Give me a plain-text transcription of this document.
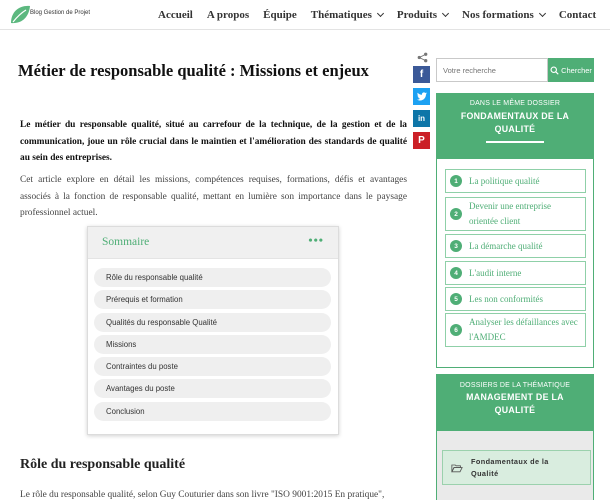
Blog Gestion de Projet	Accueil A propos Équipe Thématiques Produits Nos formations Contact
Métier de responsable qualité : Missions et enjeux

Le métier du responsable qualité, situé au carrefour de la technique, de la gestion et de la communication, joue un rôle crucial dans le maintien et l'amélioration des standards de qualité au sein des entreprises.

Cet article explore en détail les missions, compétences requises, formations, défis et avantages associés à la fonction de responsable qualité, mettant en lumière son importance dans le paysage professionnel actuel.

f
in
P
Sommaire	•••
Rôle du responsable qualité
Prérequis et formation
Qualités du responsable Qualité
Missions
Contraintes du poste
Avantages du poste
Conclusion
Rôle du responsable qualité

Le rôle du responsable qualité, selon Guy Couturier dans son livre "ISO 9001:2015 En pratique",

Votre recherche
Chercher
DANS LE MÊME DOSSIER
FONDAMENTAUX DE LA
QUALITÉ
1	La politique qualité
2
Devenir une entreprise orientée client
3	La démarche qualité
4	L'audit interne
5	Les non conformités
6
Analyser les défaillances avec l'AMDEC
DOSSIERS DE LA THÉMATIQUE
MANAGEMENT DE LA
QUALITÉ
Fondamentaux de la Qualité
